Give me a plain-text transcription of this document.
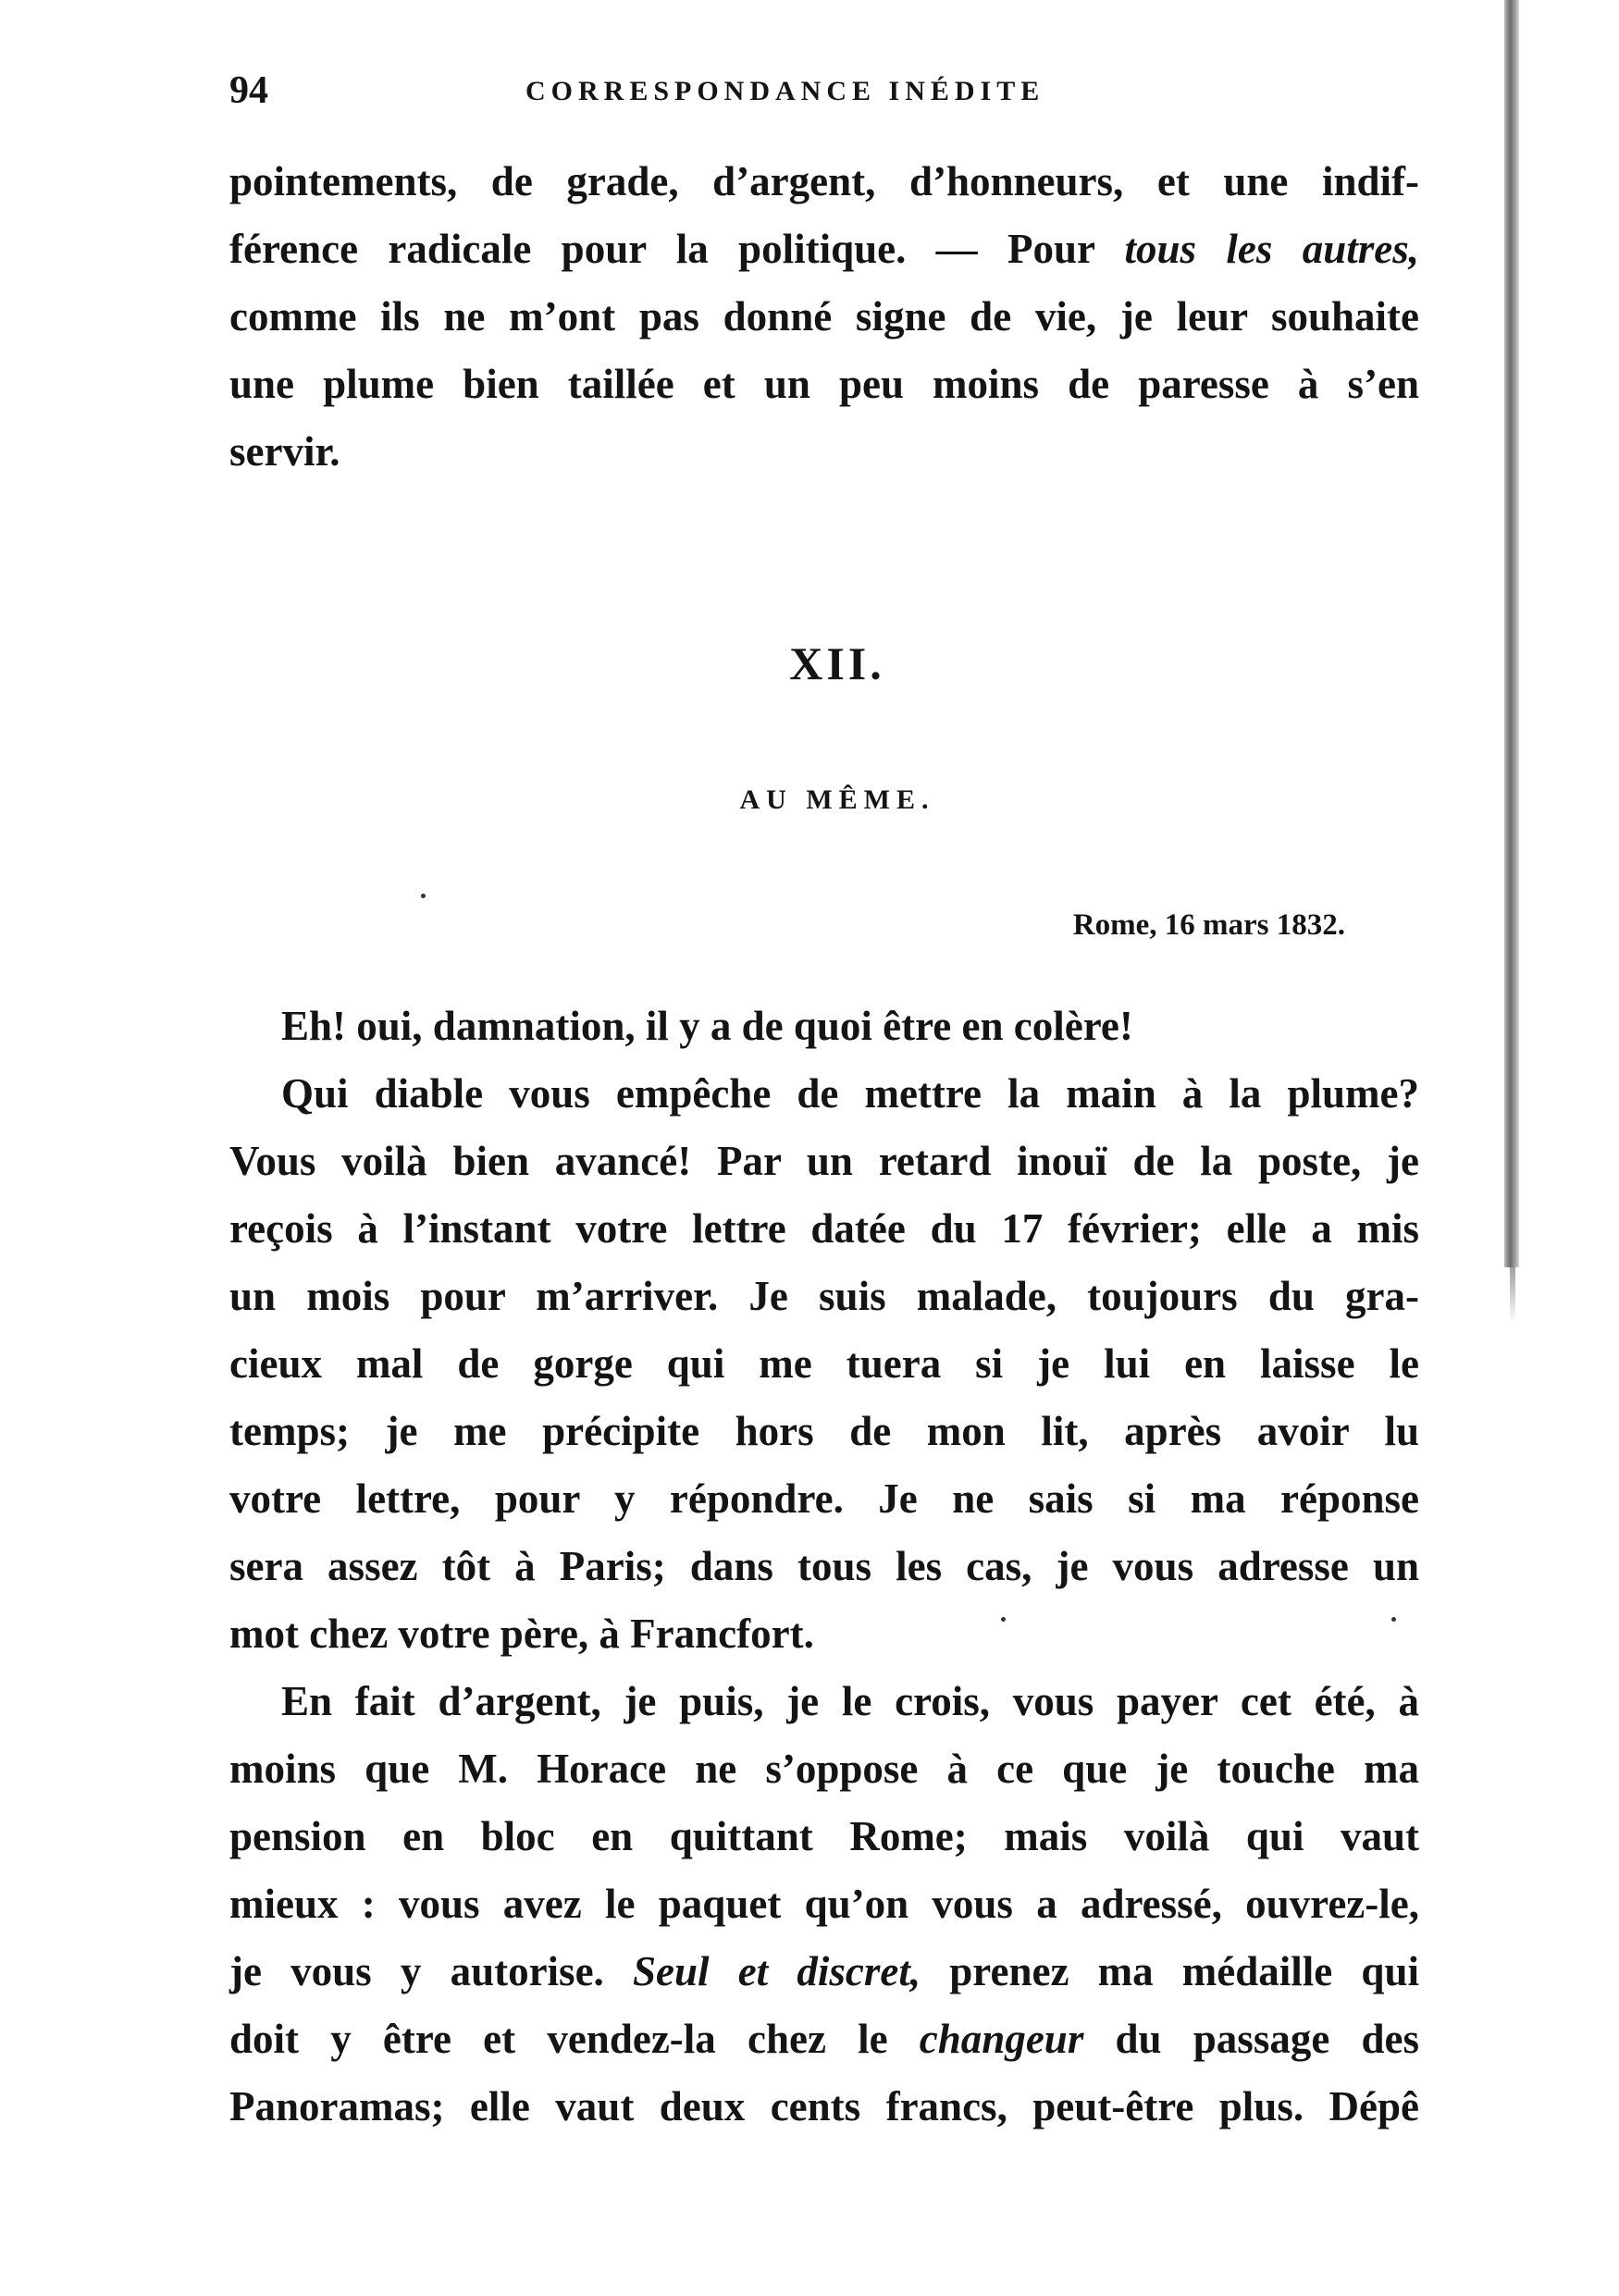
94	CORRESPONDANCE INÉDITE
pointements, de grade, d’argent, d’honneurs, et une indif-
férence radicale pour la politique. — Pour tous les autres,
comme ils ne m’ont pas donné signe de vie, je leur souhaite
une plume bien taillée et un peu moins de paresse à s’en
servir.
XII.
AU MÊME.
Rome, 16 mars 1832.
Eh! oui, damnation, il y a de quoi être en colère!
Qui diable vous empêche de mettre la main à la plume?
Vous voilà bien avancé! Par un retard inouï de la poste, je
reçois à l’instant votre lettre datée du 17 février; elle a mis
un mois pour m’arriver. Je suis malade, toujours du gra-
cieux mal de gorge qui me tuera si je lui en laisse le
temps; je me précipite hors de mon lit, après avoir lu
votre lettre, pour y répondre. Je ne sais si ma réponse
sera assez tôt à Paris; dans tous les cas, je vous adresse un
mot chez votre père, à Francfort.
En fait d’argent, je puis, je le crois, vous payer cet été, à
moins que M. Horace ne s’oppose à ce que je touche ma
pension en bloc en quittant Rome; mais voilà qui vaut
mieux : vous avez le paquet qu’on vous a adressé, ouvrez-le,
je vous y autorise. Seul et discret, prenez ma médaille qui
doit y être et vendez-la chez le changeur du passage des
Panoramas; elle vaut deux cents francs, peut-être plus. Dépê
